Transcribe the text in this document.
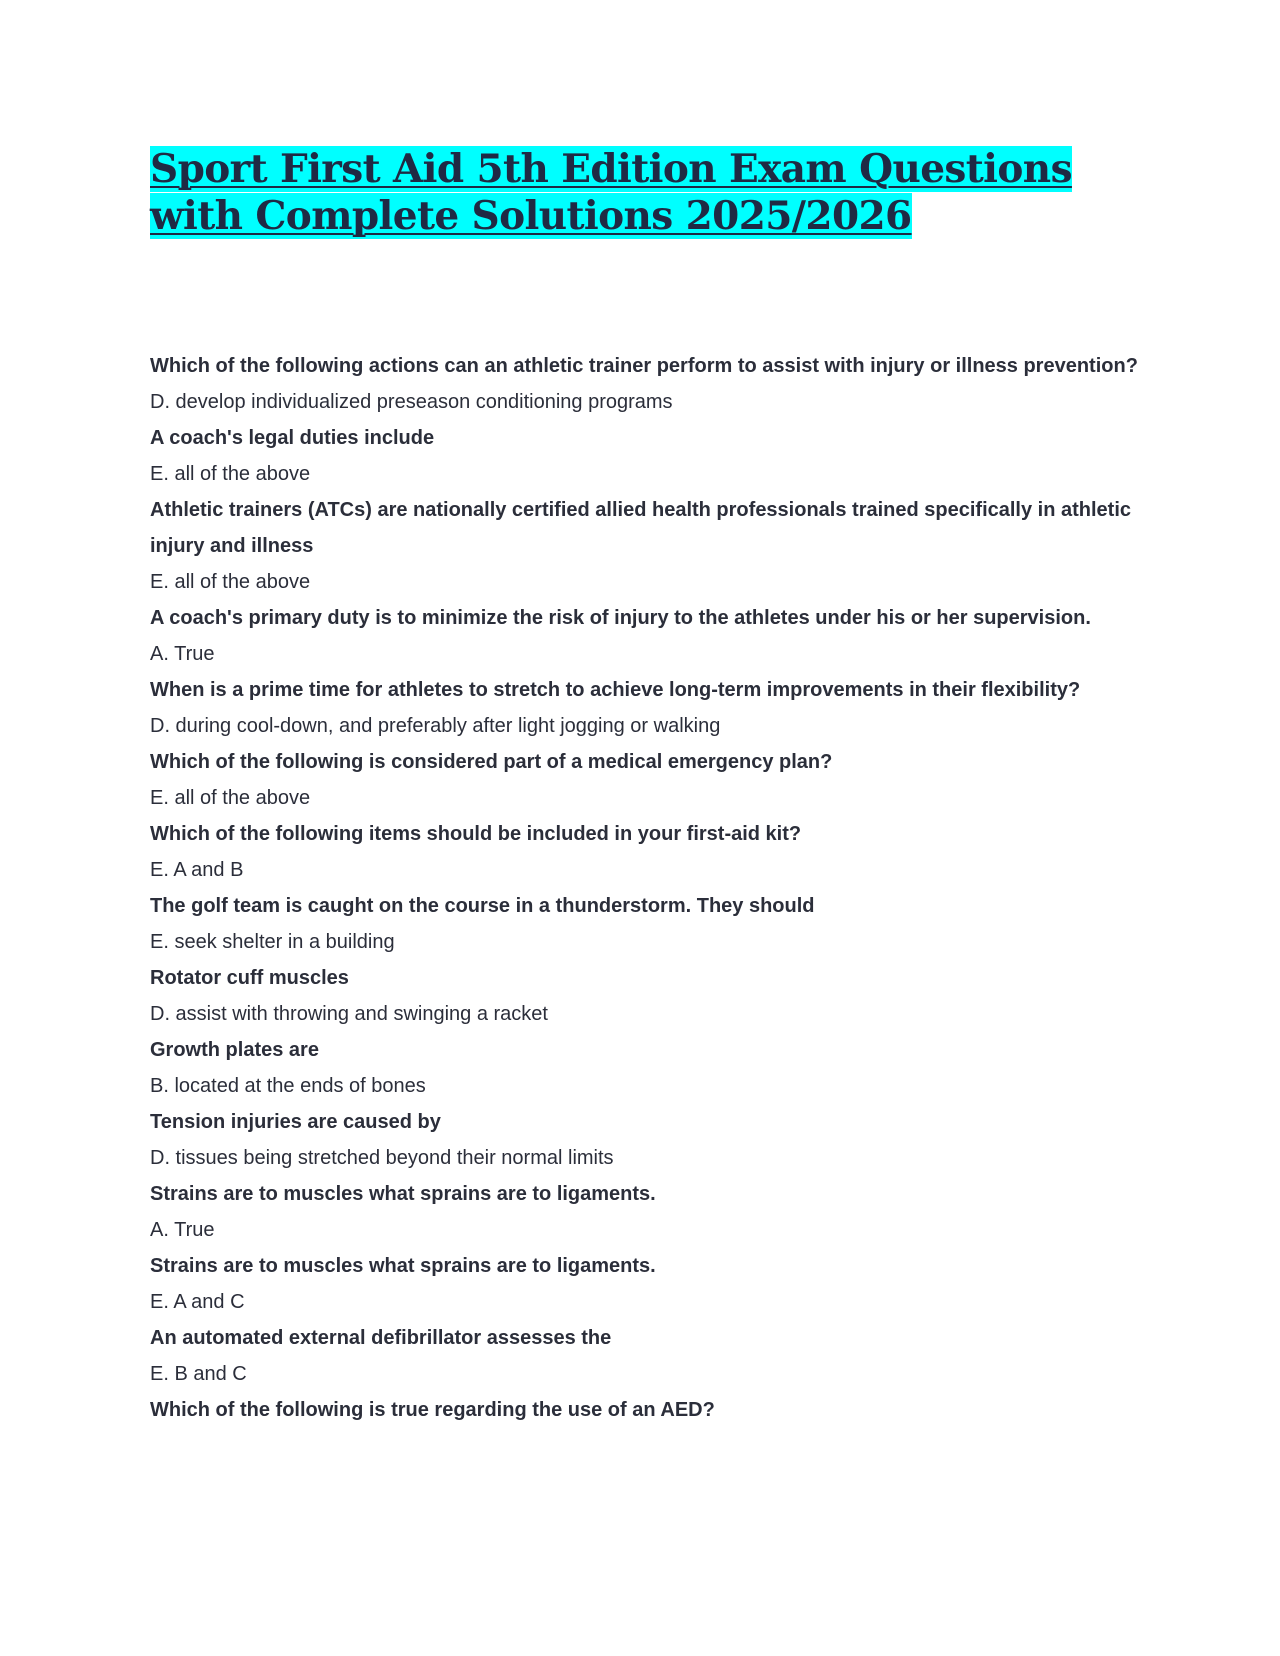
Sport First Aid 5th Edition Exam Questions
with Complete Solutions 2025/2026

Which of the following actions can an athletic trainer perform to assist with injury or illness prevention?

D. develop individualized preseason conditioning programs

A coach's legal duties include

E. all of the above

Athletic trainers (ATCs) are nationally certified allied health professionals trained specifically in athletic injury and illness

E. all of the above

A coach's primary duty is to minimize the risk of injury to the athletes under his or her supervision.

A. True

When is a prime time for athletes to stretch to achieve long-term improvements in their flexibility?

D. during cool-down, and preferably after light jogging or walking

Which of the following is considered part of a medical emergency plan?

E. all of the above

Which of the following items should be included in your first-aid kit?

E. A and B

The golf team is caught on the course in a thunderstorm. They should

E. seek shelter in a building

Rotator cuff muscles

D. assist with throwing and swinging a racket

Growth plates are

B. located at the ends of bones

Tension injuries are caused by

D. tissues being stretched beyond their normal limits

Strains are to muscles what sprains are to ligaments.

A. True

Strains are to muscles what sprains are to ligaments.

E. A and C

An automated external defibrillator assesses the

E. B and C

Which of the following is true regarding the use of an AED?
